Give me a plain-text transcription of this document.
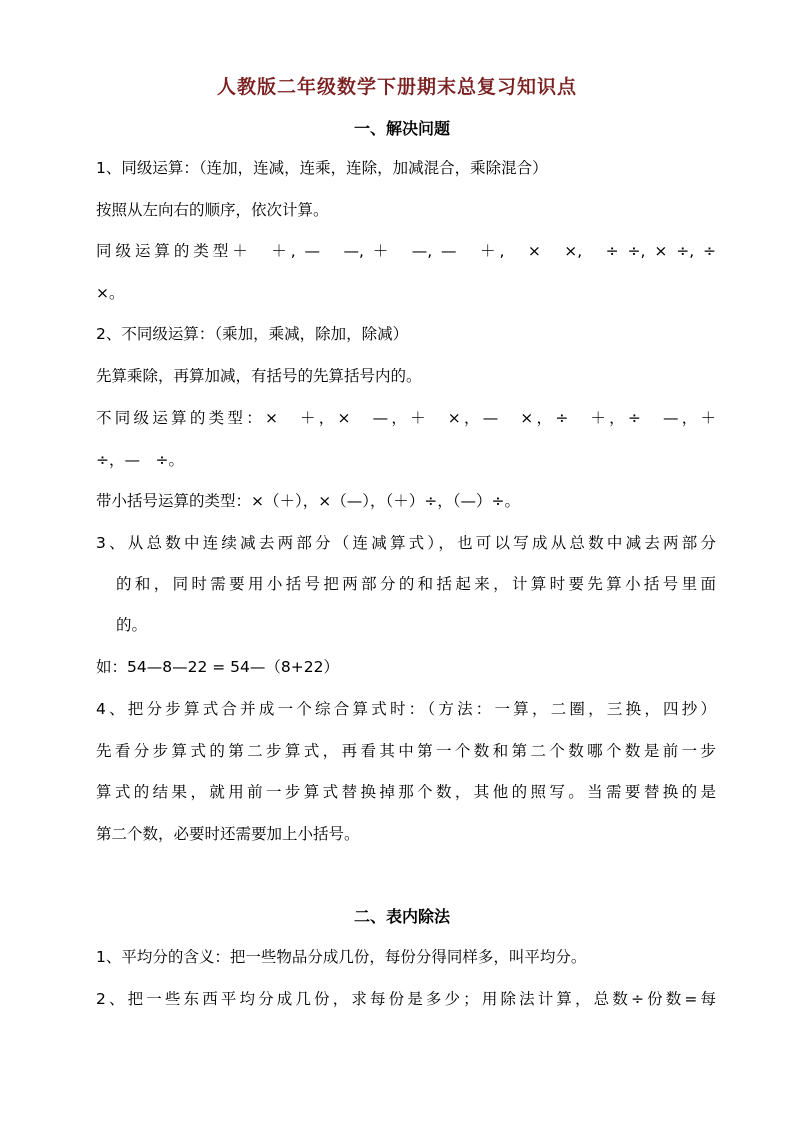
人教版二年级数学下册期末总复习知识点
一、解决问题
1、同级运算：（连加，连减，连乘，连除，加减混合，乘除混合）
按照从左向右的顺序，依次计算。
同级运算的类型＋　＋, —　—, ＋　—, —　＋,　×　×,　÷ ÷, × ÷, ÷
×。
2、不同级运算：（乘加，乘减，除加，除减）
先算乘除，再算加减，有括号的先算括号内的。
不同级运算的类型：×　＋，×　—，＋　×，—　×，÷　＋，÷　—，＋
÷，—　÷。
带小括号运算的类型：×（＋），×（—），（＋）÷，（—）÷。
3、从总数中连续减去两部分（连减算式），也可以写成从总数中减去两部分
的和，同时需要用小括号把两部分的和括起来，计算时要先算小括号里面
的。
如：54—8—22 = 54—（8+22）
4、把分步算式合并成一个综合算式时：（方法：一算，二圈，三换，四抄）
先看分步算式的第二步算式，再看其中第一个数和第二个数哪个数是前一步
算式的结果，就用前一步算式替换掉那个数，其他的照写。当需要替换的是
第二个数，必要时还需要加上小括号。
二、表内除法
1、平均分的含义：把一些物品分成几份，每份分得同样多，叫平均分。
2、把一些东西平均分成几份，求每份是多少；用除法计算，总数÷份数=每
